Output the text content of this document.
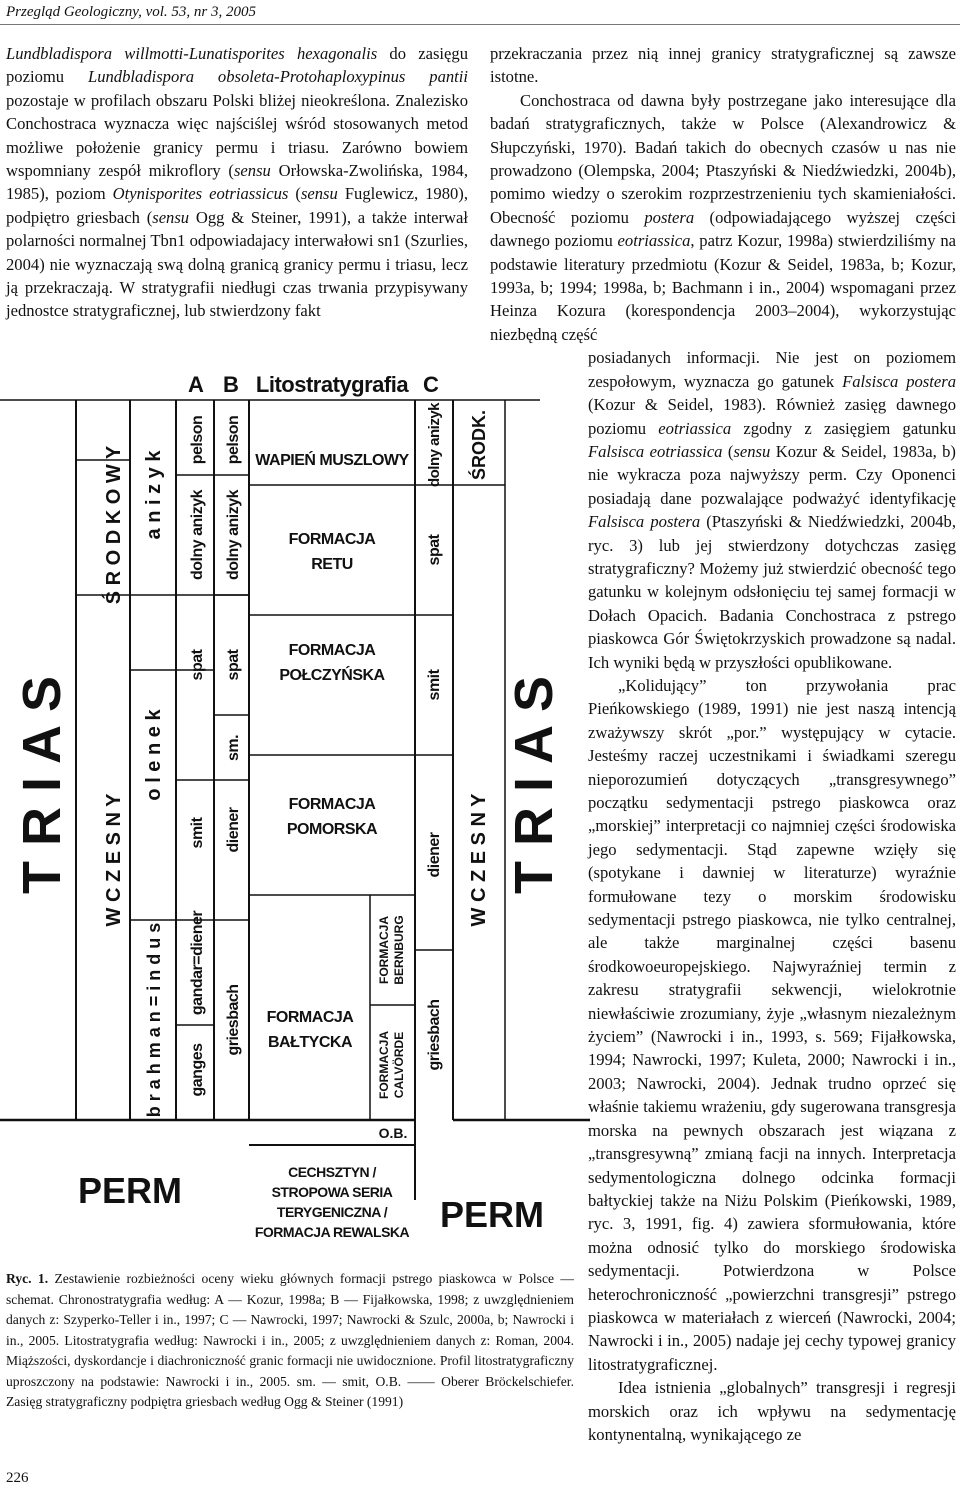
Przegląd Geologiczny, vol. 53, nr 3, 2005

Lundbladispora willmotti-Lunatisporites hexagonalis do zasięgu poziomu Lundbladispora obsoleta-Protohaploxypinus pantii pozostaje w profilach obszaru Polski bliżej nieokreślona. Znalezisko Conchostraca wyznacza więc najściślej wśród stosowanych metod możliwe położenie granicy permu i triasu. Zarówno bowiem wspomniany zespół mikroflory (sensu Orłowska-Zwolińska, 1984, 1985), poziom Otynisporites eotriassicus (sensu Fuglewicz, 1980), podpiętro griesbach (sensu Ogg & Steiner, 1991), a także interwał polarności normalnej Tbn1 odpowiadajacy interwałowi sn1 (Szurlies, 2004) nie wyznaczają swą dolną granicą granicy permu i triasu, lecz ją przekraczają. W stratygrafii niedługi czas trwania przypisywany jednostce stratygraficznej, lub stwierdzony fakt

przekraczania przez nią innej granicy stratygraficznej są zawsze istotne.

Conchostraca od dawna były postrzegane jako interesujące dla badań stratygraficznych, także w Polsce (Alexandrowicz & Słupczyński, 1970). Badań takich do obecnych czasów u nas nie prowadzono (Olempska, 2004; Ptaszyński & Niedźwiedzki, 2004b), pomimo wiedzy o szerokim rozprzestrzenieniu tych skamieniałości. Obecność poziomu postera (odpowiadającego wyższej części dawnego poziomu eotriassica, patrz Kozur, 1998a) stwierdziliśmy na podstawie literatury przedmiotu (Kozur & Seidel, 1983a, b; Kozur, 1993a, b; 1994; 1998a, b; Bachmann i in., 2004) wspomagani przez Heinza Kozura (korespondencja 2003–2004), wykorzystując niezbędną część

posiadanych informacji. Nie jest on poziomem zespołowym, wyznacza go gatunek Falsisca postera (Kozur & Seidel, 1983). Również zasięg dawnego poziomu eotriassica zgodny z zasięgiem gatunku Falsisca eotriassica (sensu Kozur & Seidel, 1983a, b) nie wykracza poza najwyższy perm. Czy Oponenci posiadają dane pozwalające podważyć identyfikację Falsisca postera (Ptaszyński & Niedźwiedzki, 2004b, ryc. 3) lub jej stwierdzony dotychczas zasięg stratygraficzny? Możemy już stwierdzić obecność tego gatunku w kolejnym odsłonięciu tej samej formacji w Dołach Opacich. Badania Conchostraca z pstrego piaskowca Gór Świętokrzyskich prowadzone są nadal. Ich wyniki będą w przyszłości opublikowane.

„Kolidujący” ton przywołania prac Pieńkowskiego (1989, 1991) nie jest naszą intencją zważywszy skrót „por.” występujący w cytacie. Jesteśmy raczej uczestnikami i świadkami szeregu nieporozumień dotyczących „transgresywnego” początku sedymentacji pstrego piaskowca oraz „morskiej” interpretacji co najmniej części środowiska jego sedymentacji. Stąd zapewne wzięły się (spotykane i dawniej w literaturze) wyraźnie formułowane tezy o morskim środowisku sedymentacji pstrego piaskowca, nie tylko centralnej, ale także marginalnej części basenu środkowoeuropejskiego. Najwyraźniej termin z zakresu stratygrafii sekwencji, wielokrotnie niewłaściwie zrozumiany, żyje „własnym niezależnym życiem” (Nawrocki i in., 1993, s. 569; Fijałkowska, 1994; Nawrocki, 1997; Kuleta, 2000; Nawrocki i in., 2003; Nawrocki, 2004). Jednak trudno oprzeć się właśnie takiemu wrażeniu, gdy sugerowana transgresja morska na pewnych obszarach jest wiązana z „transgresywną” zmianą facji na innych. Interpretacja sedymentologiczna dolnego odcinka formacji bałtyckiej także na Niżu Polskim (Pieńkowski, 1989, ryc. 3, 1991, fig. 4) zawiera sformułowania, które można odnosić tylko do morskiego środowiska sedymentacji. Potwierdzona w Polsce heterochroniczność „powierzchni transgresji” pstrego piaskowca w materiałach z wierceń (Nawrocki, 2004; Nawrocki i in., 2005) nadaje jej cechy typowej granicy litostratygraficznej.

Idea istnienia „globalnych” transgresji i regresji morskich oraz ich wpływu na sedymentację kontynentalną, wynikającego ze

A B Litostratygrafia C
T R I A S
Ś R O D K O W Y
W C Z E S N Y
a n i z y k
o l e n e k
b r a h m a n = i n d u s
pelson
dolny anizyk
spat
smit
gandar=diener
ganges
pelson
dolny anizyk
spat
sm.
diener
griesbach
WAPIEŃ MUSZLOWY
FORMACJA
RETU
FORMACJA
POŁCZYŃSKA
FORMACJA
POMORSKA
FORMACJA BERNBURG
FORMACJA
BAŁTYCKA FORMACJA CALVÖRDE
O.B.
CECHSZTYN /
STROPOWA SERIA
TERYGENICZNA /
FORMACJA REWALSKA
dolny anizyk
spat
smit
diener
griesbach
ŚRODK.
W C Z E S N Y T R I A S
PERM
PERM
Ryc. 1. Zestawienie rozbieżności oceny wieku głównych formacji pstrego piaskowca w Polsce — schemat. Chronostratygrafia według: A — Kozur, 1998a; B — Fijałkowska, 1998; z uwzględnieniem danych z: Szyperko-Teller i in., 1997; C — Nawrocki, 1997; Nawrocki & Szulc, 2000a, b; Nawrocki i in., 2005. Litostratygrafia według: Nawrocki i in., 2005; z uwzględnieniem danych z: Roman, 2004. Miąższości, dyskordancje i diachroniczność granic formacji nie uwidocznione. Profil litostratygraficzny uproszczony na podstawie: Nawrocki i in., 2005. sm. — smit, O.B. —— Oberer Bröckelschiefer. Zasięg stratygraficzny podpiętra griesbach według Ogg & Steiner (1991)
226
